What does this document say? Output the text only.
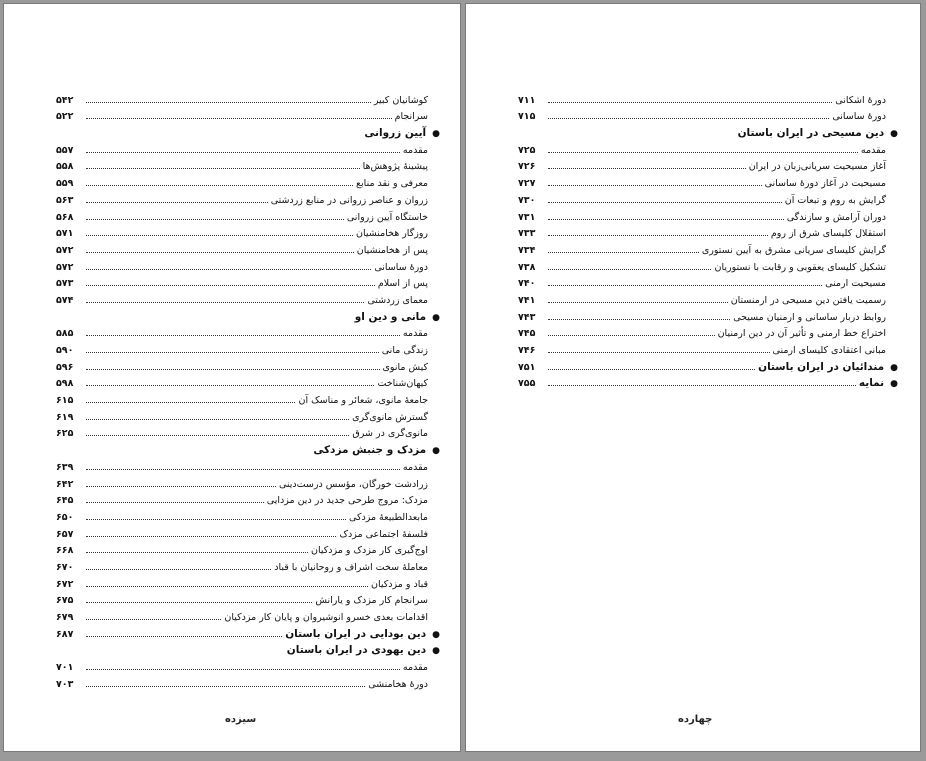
کوشانیان کبیر
۵۴۲
سرانجام
۵۲۲
●
آیین زروانی
مقدمه
۵۵۷
پیشینهٔ پژوهش‌ها
۵۵۸
معرفی و نقد منابع
۵۵۹
زروان و عناصر زروانی در منابع زردشتی
۵۶۳
خاستگاه آیین زروانی
۵۶۸
روزگار هخامنشیان
۵۷۱
پس از هخامنشیان
۵۷۲
دورهٔ ساسانی
۵۷۲
پس از اسلام
۵۷۳
معمای زردشتی
۵۷۴
●
مانی و دین او
مقدمه
۵۸۵
زندگی مانی
۵۹۰
کیش مانوی
۵۹۶
کیهان‌شناخت
۵۹۸
جامعهٔ مانوی، شعائر و مناسک آن
۶۱۵
گسترش مانوی‌گری
۶۱۹
مانوی‌گری در شرق
۶۲۵
●
مزدک و جنبش مزدکی
مقدمه
۶۳۹
زرادشت خورگان، مؤسس درست‌دینی
۶۴۲
مزدک: مروج طرحی جدید در دین مزدایی
۶۴۵
مابعدالطبیعهٔ مزدکی
۶۵۰
فلسفهٔ اجتماعی مزدک
۶۵۷
اوج‌گیری کار مزدک و مزدکیان
۶۶۸
معاملهٔ سخت اشراف و روحانیان با قباد
۶۷۰
قباد و مزدکیان
۶۷۲
سرانجام کار مزدک و یارانش
۶۷۵
اقدامات بعدی خسرو انوشیروان و پایان کار مزدکیان
۶۷۹
●
دین بودایی در ایران باستان
۶۸۷
●
دین یهودی در ایران باستان
مقدمه
۷۰۱
دورهٔ هخامنشی
۷۰۳
سیزده
دورهٔ اشکانی
۷۱۱
دورهٔ ساسانی
۷۱۵
●
دین مسیحی در ایران باستان
مقدمه
۷۲۵
آغاز مسیحیت سریانی‌زبان در ایران
۷۲۶
مسیحیت در آغاز دورهٔ ساسانی
۷۲۷
گرایش به روم و تبعات آن
۷۳۰
دوران آرامش و سازندگی
۷۳۱
استقلال کلیسای شرق از روم
۷۳۳
گرایش کلیسای سریانی مشرق به آیین نستوری
۷۳۴
تشکیل کلیسای یعقوبی و رقابت با نستوریان
۷۳۸
مسیحیت ارمنی
۷۴۰
رسمیت یافتن دین مسیحی در ارمنستان
۷۴۱
روابط دربار ساسانی و ارمنیان مسیحی
۷۴۳
اختراع خط ارمنی و تأثیر آن در دین ارمنیان
۷۴۵
مبانی اعتقادی کلیسای ارمنی
۷۴۶
●
مندائیان در ایران باستان
۷۵۱
●
نمایه
۷۵۵
چهارده
